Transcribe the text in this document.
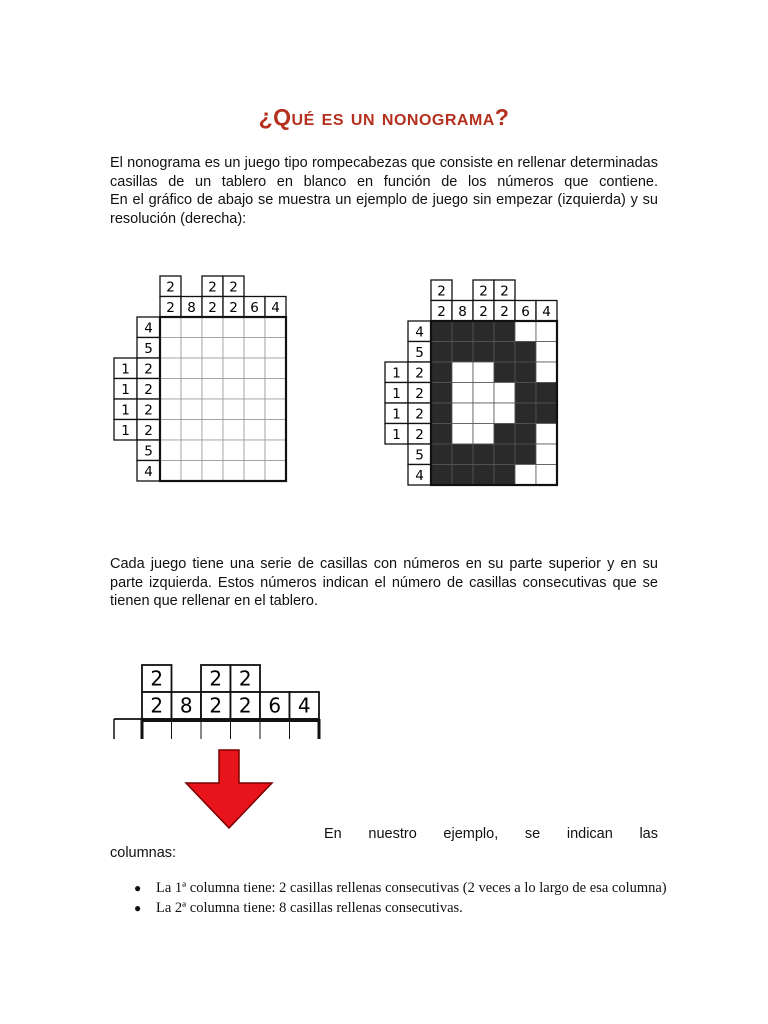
¿Qué es un nonograma?
El nonograma es un juego tipo rompecabezas que consiste en rellenar determinadas casillas de un tablero en blanco en función de los números que contiene.
En el gráfico de abajo se muestra un ejemplo de juego sin empezar (izquierda) y su resolución (derecha):
2
2 8
2
2
2
2 6 4
4
5
1 2
1 2
1 2
1 2
5
4
2
2 8
2
2
2
2 6 4
4
5
1 2
1 2
1 2
1 2
5
4
Cada juego tiene una serie de casillas con números en su parte superior y en su parte izquierda. Estos números indican el número de casillas consecutivas que se tienen que rellenar en el tablero.
2
2 8
2
2
2
2 6 4
En nuestro ejemplo, se indican las
columnas:
● La 1ª columna tiene: 2 casillas rellenas consecutivas (2 veces a lo largo de esa columna)
● La 2ª columna tiene: 8 casillas rellenas consecutivas.
